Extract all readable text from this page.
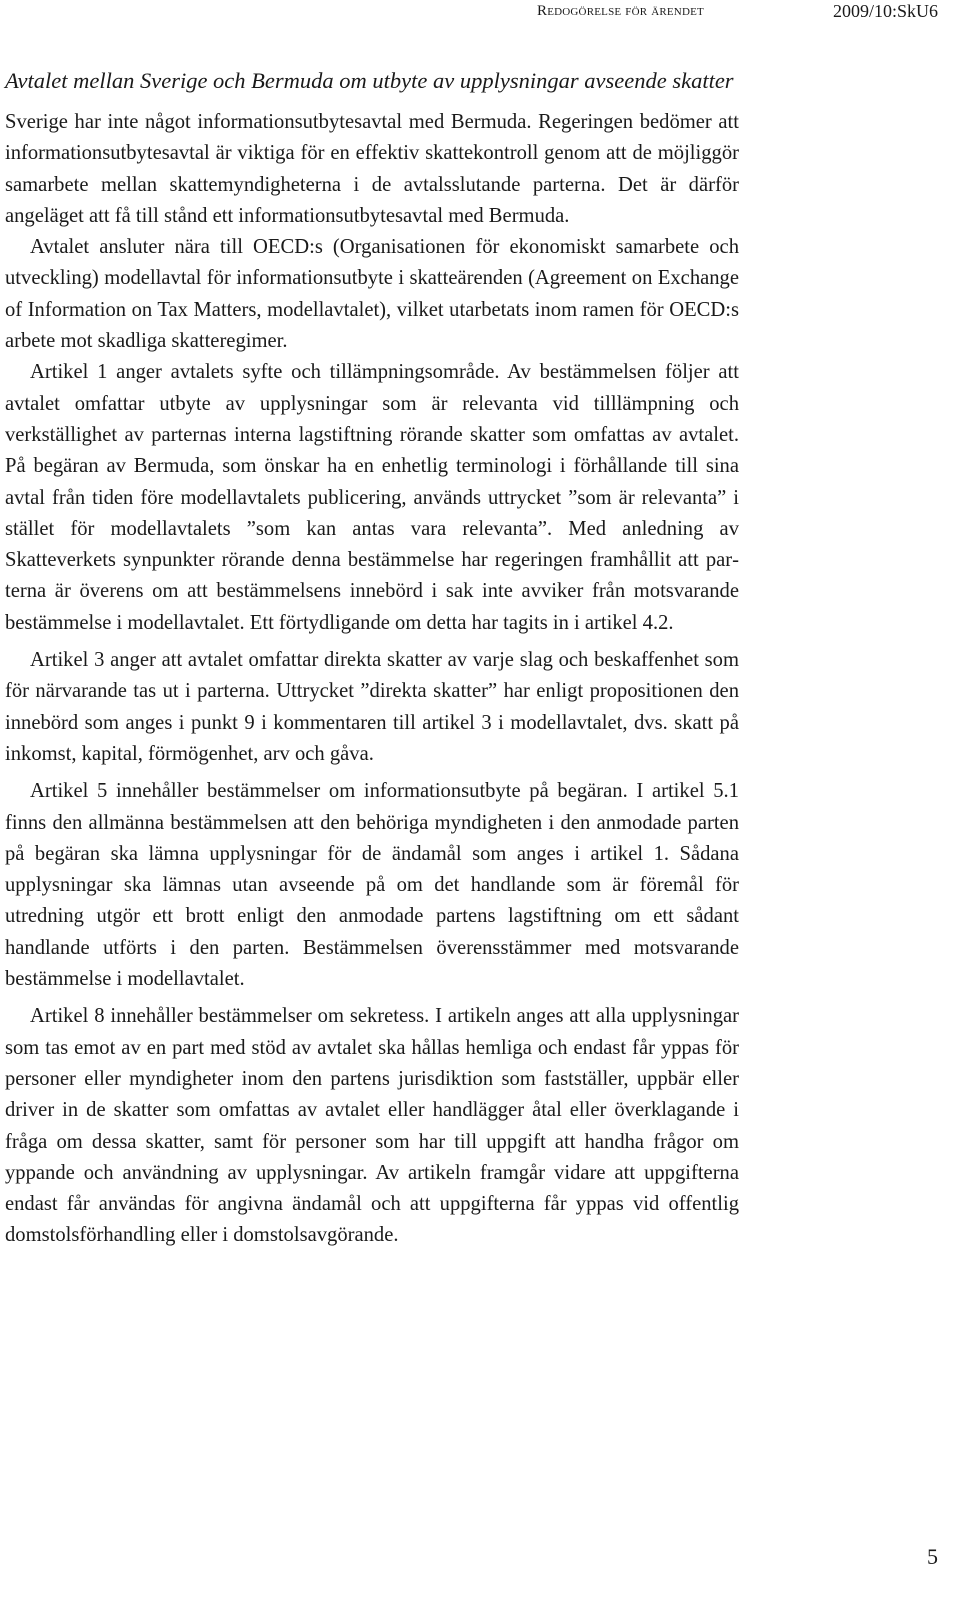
Redogörelse för ärendet	2009/10:SkU6
Avtalet mellan Sverige och Bermuda om utbyte av upplysningar avseende skatter

Sverige har inte något informationsutbytesavtal med Bermuda. Regeringen bedömer att informationsutbytesavtal är viktiga för en effektiv skattekontroll genom att de möjliggör samarbete mellan skattemyndigheterna i de avtalsslutande parterna. Det är därför angeläget att få till stånd ett informationsutbytesavtal med Bermuda.

Avtalet ansluter nära till OECD:s (Organisationen för ekonomiskt samarbete och utveckling) modellavtal för informationsutbyte i skatteärenden (Agreement on Exchange of Information on Tax Matters, modellavtalet), vilket utarbetats inom ramen för OECD:s arbete mot skadliga skatteregimer.

Artikel 1 anger avtalets syfte och tillämpningsområde. Av bestämmelsen följer att avtalet omfattar utbyte av upplysningar som är relevanta vid tilllämpning och verkställighet av parternas interna lagstiftning rörande skatter som omfattas av avtalet. På begäran av Bermuda, som önskar ha en enhetlig terminologi i förhållande till sina avtal från tiden före modellavtalets publicering, används uttrycket ”som är relevanta” i stället för modellavtalets ”som kan antas vara relevanta”. Med anledning av Skatteverkets synpunkter rörande denna bestämmelse har regeringen framhållit att parterna är överens om att bestämmelsens innebörd i sak inte avviker från motsvarande bestämmelse i modellavtalet. Ett förtydligande om detta har tagits in i artikel 4.2.

Artikel 3 anger att avtalet omfattar direkta skatter av varje slag och beskaffenhet som för närvarande tas ut i parterna. Uttrycket ”direkta skatter” har enligt propositionen den innebörd som anges i punkt 9 i kommentaren till artikel 3 i modellavtalet, dvs. skatt på inkomst, kapital, förmögenhet, arv och gåva.

Artikel 5 innehåller bestämmelser om informationsutbyte på begäran. I artikel 5.1 finns den allmänna bestämmelsen att den behöriga myndigheten i den anmodade parten på begäran ska lämna upplysningar för de ändamål som anges i artikel 1. Sådana upplysningar ska lämnas utan avseende på om det handlande som är föremål för utredning utgör ett brott enligt den anmodade partens lagstiftning om ett sådant handlande utförts i den parten. Bestämmelsen överensstämmer med motsvarande bestämmelse i modellavtalet.

Artikel 8 innehåller bestämmelser om sekretess. I artikeln anges att alla upplysningar som tas emot av en part med stöd av avtalet ska hållas hemliga och endast får yppas för personer eller myndigheter inom den partens jurisdiktion som fastställer, uppbär eller driver in de skatter som omfattas av avtalet eller handlägger åtal eller överklagande i fråga om dessa skatter, samt för personer som har till uppgift att handha frågor om yppande och användning av upplysningar. Av artikeln framgår vidare att uppgifterna endast får användas för angivna ändamål och att uppgifterna får yppas vid offentlig domstolsförhandling eller i domstolsavgörande.

5
